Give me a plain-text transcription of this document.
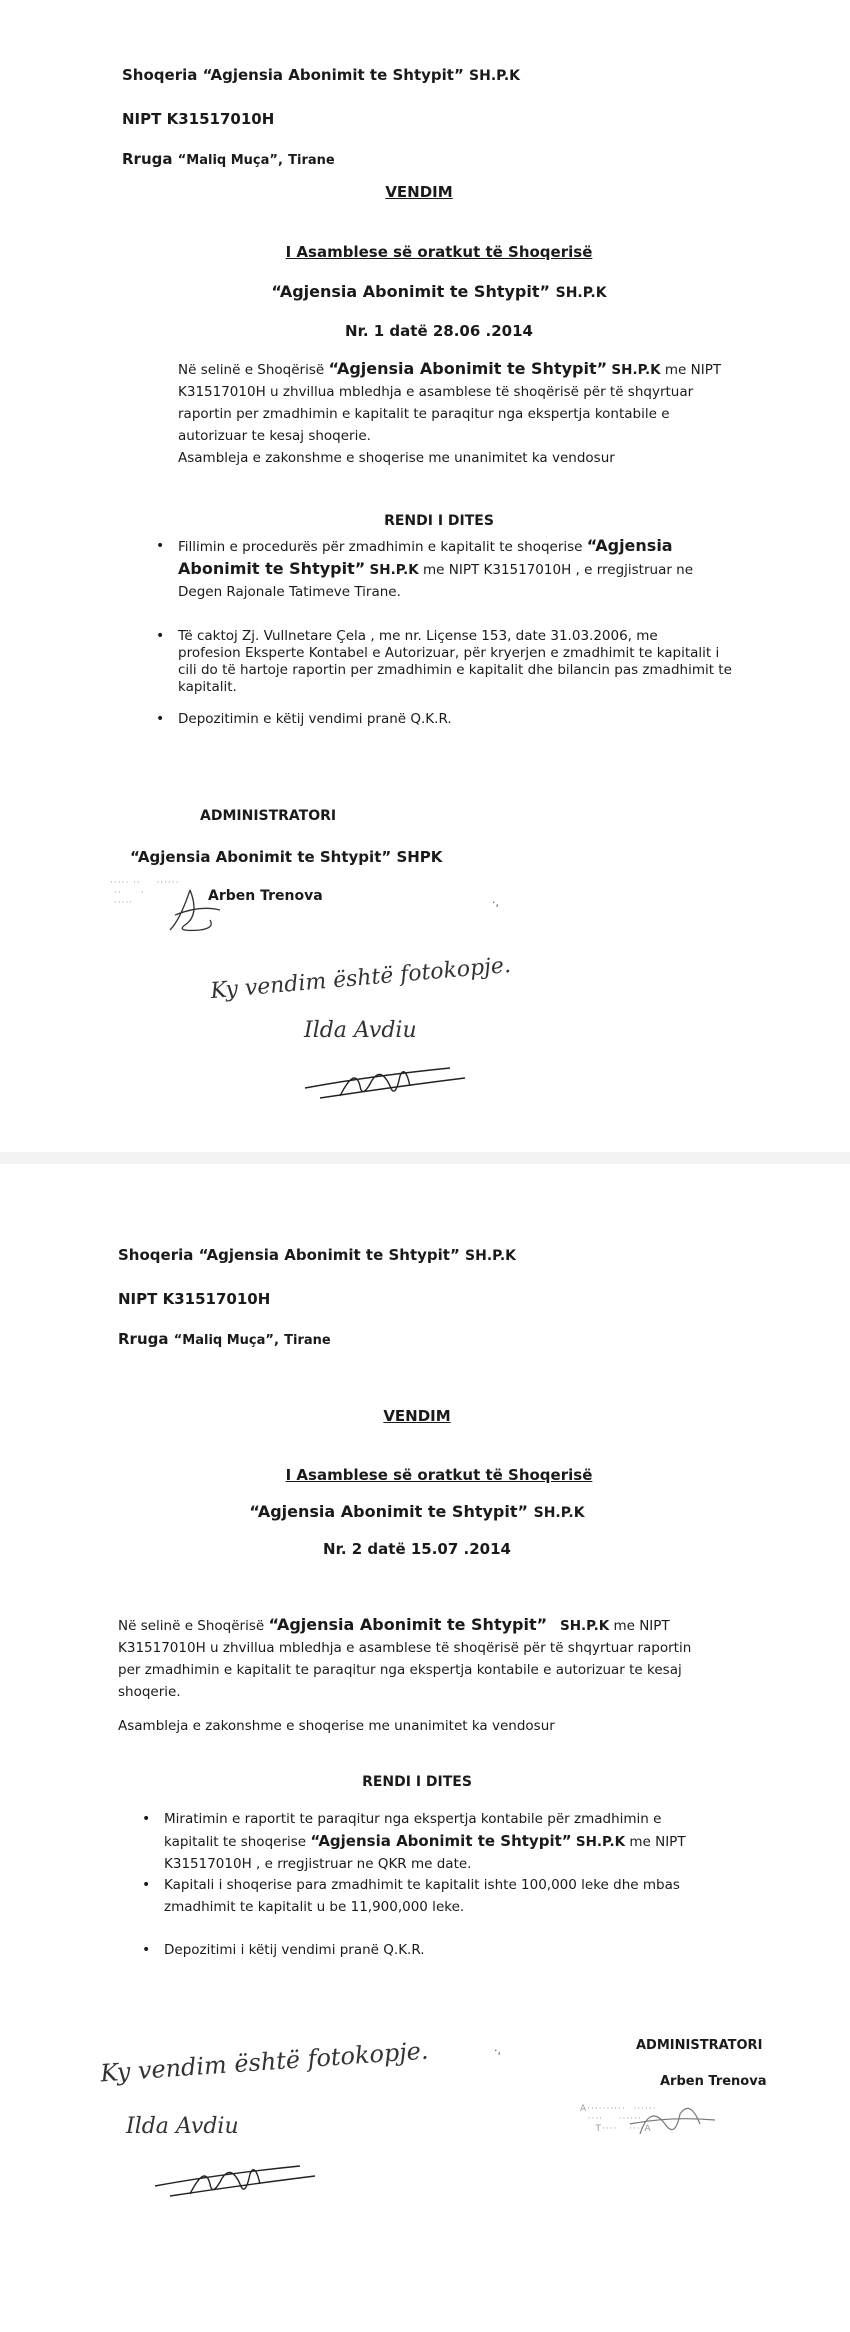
Shoqeria “Agjensia Abonimit te Shtypit” SH.P.K
NIPT K31517010H
Rruga “Maliq Muça”, Tirane
VENDIM
I Asamblese së oratkut të Shoqerisë
“Agjensia Abonimit te Shtypit” SH.P.K
Nr. 1 datë 28.06 .2014
Në selinë e Shoqërisë “Agjensia Abonimit te Shtypit” SH.P.K me NIPT
K31517010H u zhvillua mbledhja e asamblese të shoqërisë për të shqyrtuar
raportin per zmadhimin e kapitalit te paraqitur nga ekspertja kontabile e
autorizuar te kesaj shoqerie.
Asambleja e zakonshme e shoqerise me unanimitet ka vendosur
RENDI I DITES
• Fillimin e procedurës për zmadhimin e kapitalit te shoqerise “Agjensia
Abonimit te Shtypit” SH.P.K me NIPT K31517010H , e rregjistruar ne
Degen Rajonale Tatimeve Tirane.
• Të caktoj Zj. Vullnetare Çela , me nr. Liçense 153, date 31.03.2006, me
profesion Eksperte Kontabel e Autorizuar, për kryerjen e zmadhimit te kapitalit i
cili do të hartoje raportin per zmadhimin e kapitalit dhe bilancin pas zmadhimit te
kapitalit.
• Depozitimin e këtij vendimi pranë Q.K.R.
ADMINISTRATORI
“Agjensia Abonimit te Shtypit” SHPK
····· ··    ······
··     ·
·····	Arben Trenova	·,
Ky vendim është fotokopje.
Ilda Avdiu
Shoqeria “Agjensia Abonimit te Shtypit” SH.P.K
NIPT K31517010H
Rruga “Maliq Muça”, Tirane
VENDIM
I Asamblese së oratkut të Shoqerisë
“Agjensia Abonimit te Shtypit” SH.P.K
Nr. 2 datë 15.07 .2014
Në selinë e Shoqërisë “Agjensia Abonimit te Shtypit” SH.P.K me NIPT
K31517010H u zhvillua mbledhja e asamblese të shoqërisë për të shqyrtuar raportin
per zmadhimin e kapitalit te paraqitur nga ekspertja kontabile e autorizuar te kesaj
shoqerie.
Asambleja e zakonshme e shoqerise me unanimitet ka vendosur
RENDI I DITES
• Miratimin e raportit te paraqitur nga ekspertja kontabile për zmadhimin e
kapitalit te shoqerise “Agjensia Abonimit te Shtypit” SH.P.K me NIPT
K31517010H , e rregjistruar ne QKR me date.
• Kapitali i shoqerise para zmadhimit te kapitalit ishte 100,000 leke dhe mbas
zmadhimit te kapitalit u be 11,900,000 leke.
• Depozitimi i këtij vendimi pranë Q.K.R.
ADMINISTRATORI
Arben Trenova
·,
A··········  ······
····    ······
T····   ····A
Ky vendim është fotokopje.
Ilda Avdiu
